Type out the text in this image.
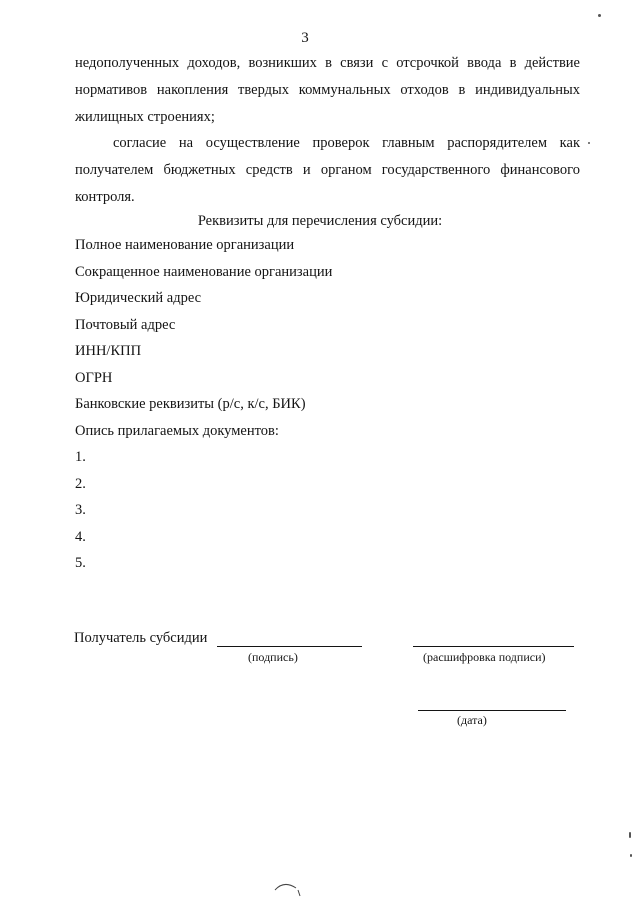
3
недополученных доходов, возникших в связи с отсрочкой ввода в действие
нормативов накопления твердых коммунальных отходов в индивидуальных
жилищных строениях;
согласие на осуществление проверок главным распорядителем как
получателем бюджетных средств и органом государственного финансового
контроля.
Реквизиты для перечисления субсидии:
Полное наименование организации
Сокращенное наименование организации
Юридический адрес
Почтовый адрес
ИНН/КПП
ОГРН
Банковские реквизиты (р/с, к/с, БИК)
Опись прилагаемых документов:
1.
2.
3.
4.
5.
Получатель субсидии
(подпись)	(расшифровка подписи)
(дата)
